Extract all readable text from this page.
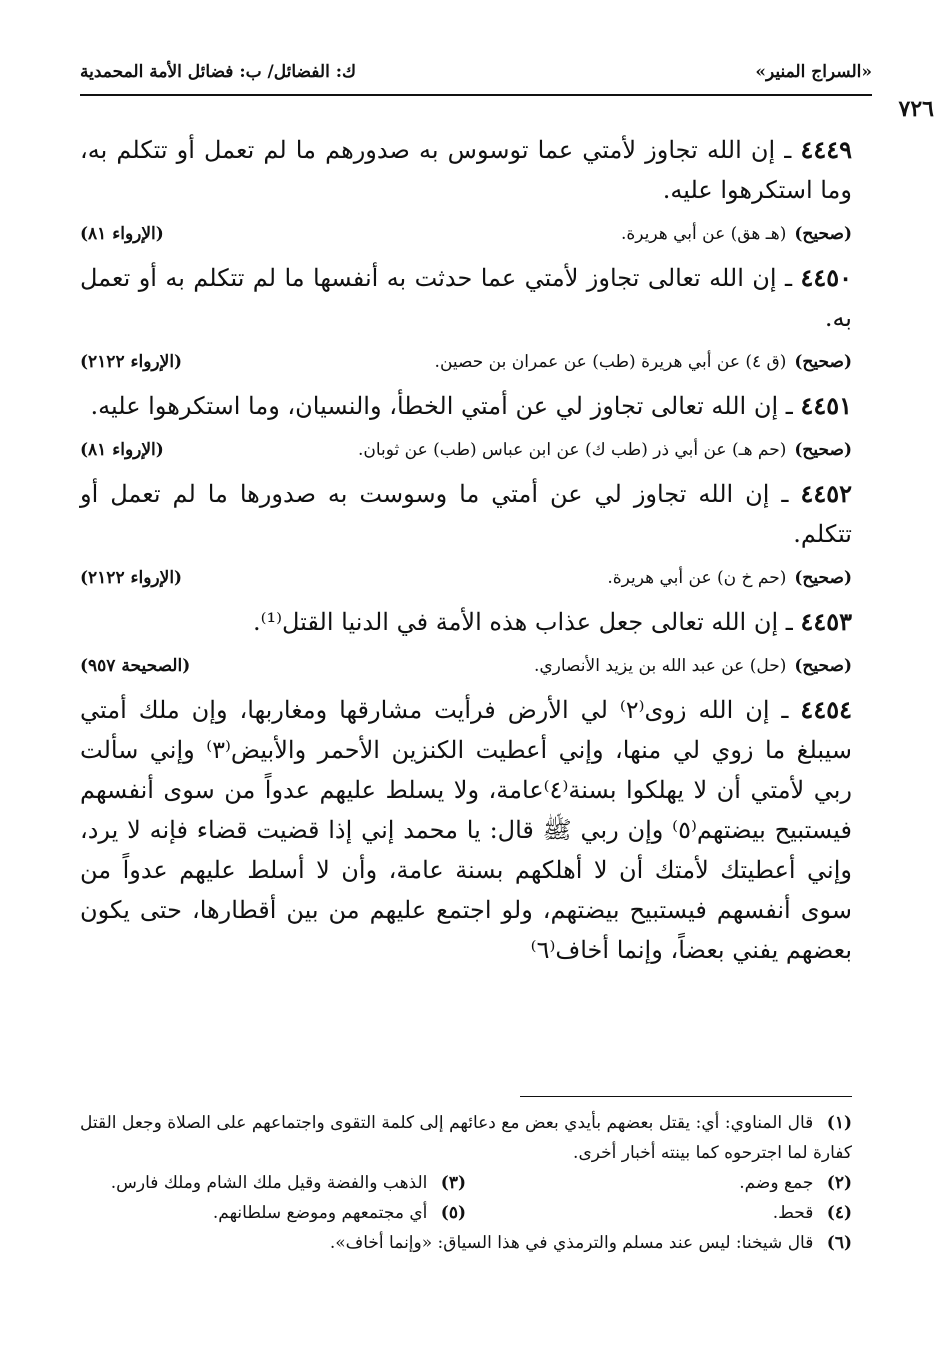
«السراج المنير»
ك: الفضائل/ ب: فضائل الأمة المحمدية
٧٢٦

٤٤٤٩ ـ إن الله تجاوز لأمتي عما توسوس به صدورهم ما لم تعمل أو تتكلم به، وما استكرهوا عليه.

(صحيح)
(هـ هق) عن أبي هريرة.
(الإرواء ٨١)

٤٤٥٠ ـ إن الله تعالى تجاوز لأمتي عما حدثت به أنفسها ما لم تتكلم به أو تعمل به.

(صحيح)
(ق ٤) عن أبي هريرة (طب) عن عمران بن حصين.
(الإرواء ٢١٢٢)

٤٤٥١ ـ إن الله تعالى تجاوز لي عن أمتي الخطأ، والنسيان، وما استكرهوا عليه.

(صحيح)
(حم هـ) عن أبي ذر (طب ك) عن ابن عباس (طب) عن ثوبان.
(الإرواء ٨١)

٤٤٥٢ ـ إن الله تجاوز لي عن أمتي ما وسوست به صدورها ما لم تعمل أو تتكلم.

(صحيح)
(حم خ ن) عن أبي هريرة.
(الإرواء ٢١٢٢)

٤٤٥٣ ـ إن الله تعالى جعل عذاب هذه الأمة في الدنيا القتل⁽¹⁾.

(صحيح)
(حل) عن عبد الله بن يزيد الأنصاري.
(الصحيحة ٩٥٧)

٤٤٥٤ ـ إن الله زوى⁽٢⁾ لي الأرض فرأيت مشارقها ومغاربها، وإن ملك أمتي سيبلغ ما زوي لي منها، وإني أعطيت الكنزين الأحمر والأبيض⁽٣⁾ وإني سألت ربي لأمتي أن لا يهلكوا بسنة⁽٤⁾عامة، ولا يسلط عليهم عدواً من سوى أنفسهم فيستبيح بيضتهم⁽٥⁾ وإن ربي ﷺ قال: يا محمد إني إذا قضيت قضاء فإنه لا يرد، وإني أعطيتك لأمتك أن لا أهلكهم بسنة عامة، وأن لا أسلط عليهم عدواً من سوى أنفسهم فيستبيح بيضتهم، ولو اجتمع عليهم من بين أقطارها، حتى يكون بعضهم يفني بعضاً، وإنما أخاف⁽٦⁾

(١) قال المناوي: أي: يقتل بعضهم بأيدي بعض مع دعائهم إلى كلمة التقوى واجتماعهم على الصلاة وجعل القتل كفارة لما اجترحوه كما بينته أخبار أخرى.

(٢) جمع وضم.
(٣) الذهب والفضة وقيل ملك الشام وملك فارس.
(٤) قحط.
(٥) أي مجتمعهم وموضع سلطانهم.

(٦) قال شيخنا: ليس عند مسلم والترمذي في هذا السياق: «وإنما أخاف».
